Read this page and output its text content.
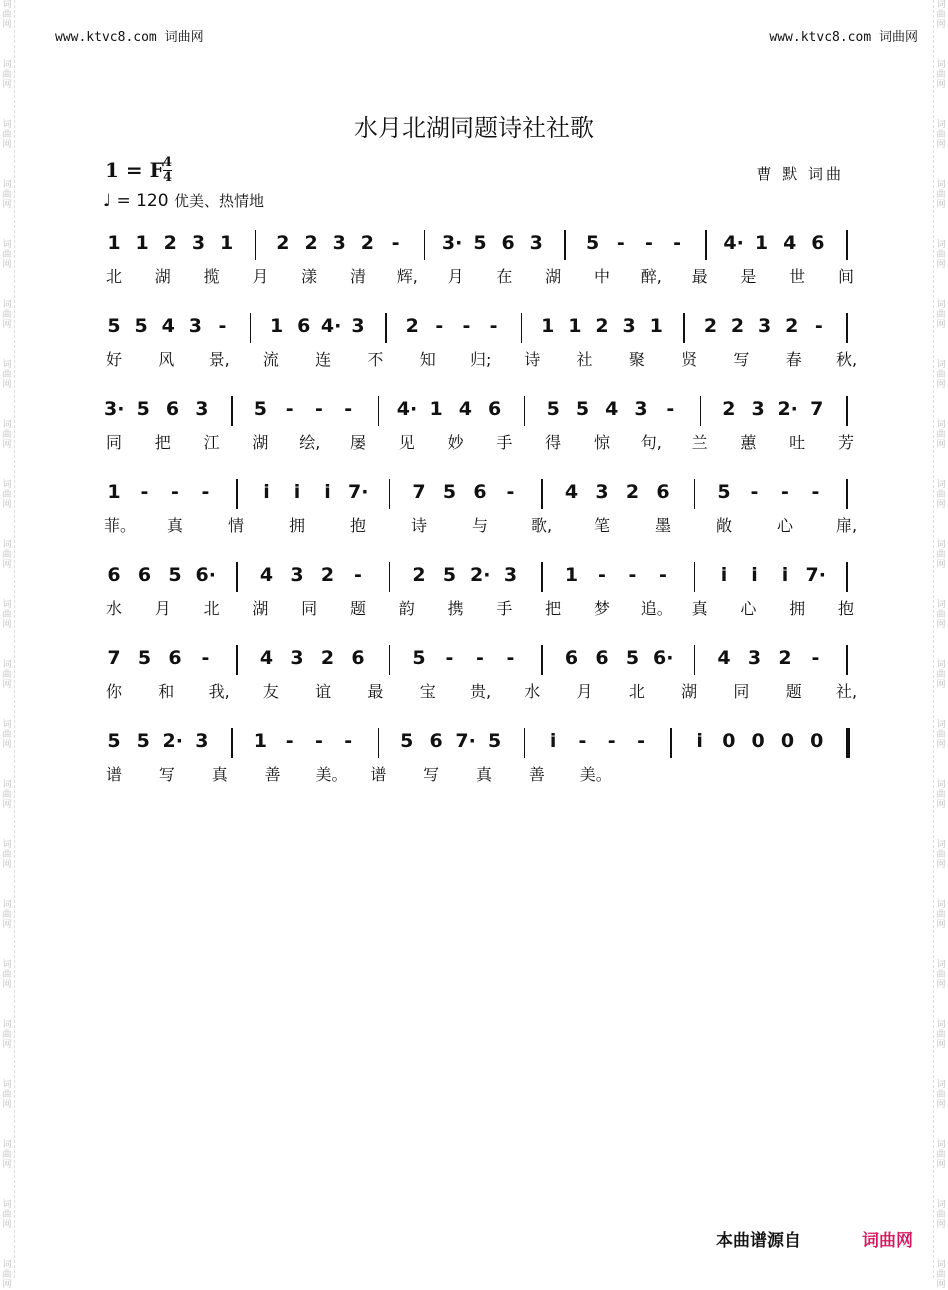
词
曲
网
词
曲
网
词
曲
网
词
曲
网
词
曲
网
词
曲
网
词
曲
网
词
曲
网
词
曲
网
词
曲
网
词
曲
网
词
曲
网
词
曲
网
词
曲
网
词
曲
网
词
曲
网
词
曲
网
词
曲
网
词
曲
网
词
曲
网
词
曲
网
词
曲
网
词
曲
网
词
曲
网
词
曲
网
词
曲
网
词
曲
网
词
曲
网
词
曲
网
词
曲
网
词
曲
网
词
曲
网
词
曲
网
词
曲
网
词
曲
网
词
曲
网
词
曲
网
词
曲
网
词
曲
网
词
曲
网
词
曲
网
词
曲
网
词
曲
网
词
曲
网
www.ktvc8.com 词曲网	www.ktvc8.com 词曲网
水月北湖同题诗社社歌
1 = F 4
4	曹 默 词曲
♩ = 120 优美、热情地
1 1 2 3 1 2 2 3 2 -	3· 5 6 3 5 -	-	-	4· 1 4 6
北 湖 揽 月 漾 清 辉, 月 在 湖 中 醉, 最 是 世 间
5 5 4 3 -	1 6 4· 3 2 -	-	-	1 1 2 3 1 2 2 3 2 -
好 风 景, 流 连 不 知 归; 诗 社 聚 贤 写 春 秋,
3· 5 6 3 5 -	-	-	4· 1 4 6 5 5 4 3 -	2 3 2· 7
同 把 江 湖 绘, 屡 见 妙 手 得 惊 句, 兰 蕙 吐 芳
1	-	-	-	i	i	i 7· 7 5 6	-	4 3 2 6	5	-	-	-
菲。 真	情	拥	抱	诗	与	歌,	笔	墨	敞	心	扉,
6 6 5 6· 4 3 2	-	2 5 2· 3	1	-	-	-	i	i	i 7·
水 月 北 湖 同 题 韵 携 手 把 梦 追。 真 心 拥 抱
7 5 6	-	4 3 2 6	5	-	-	-	6 6 5 6· 4 3 2	-
你 和 我, 友 谊 最 宝 贵, 水 月 北 湖 同 题 社,
5 5 2· 3 1 -	-	-	5 6 7· 5	i	-	-	-	i	0 0 0 0
谱 写 真 善 美。 谱 写 真 善 美。
本曲谱源自	词曲网
